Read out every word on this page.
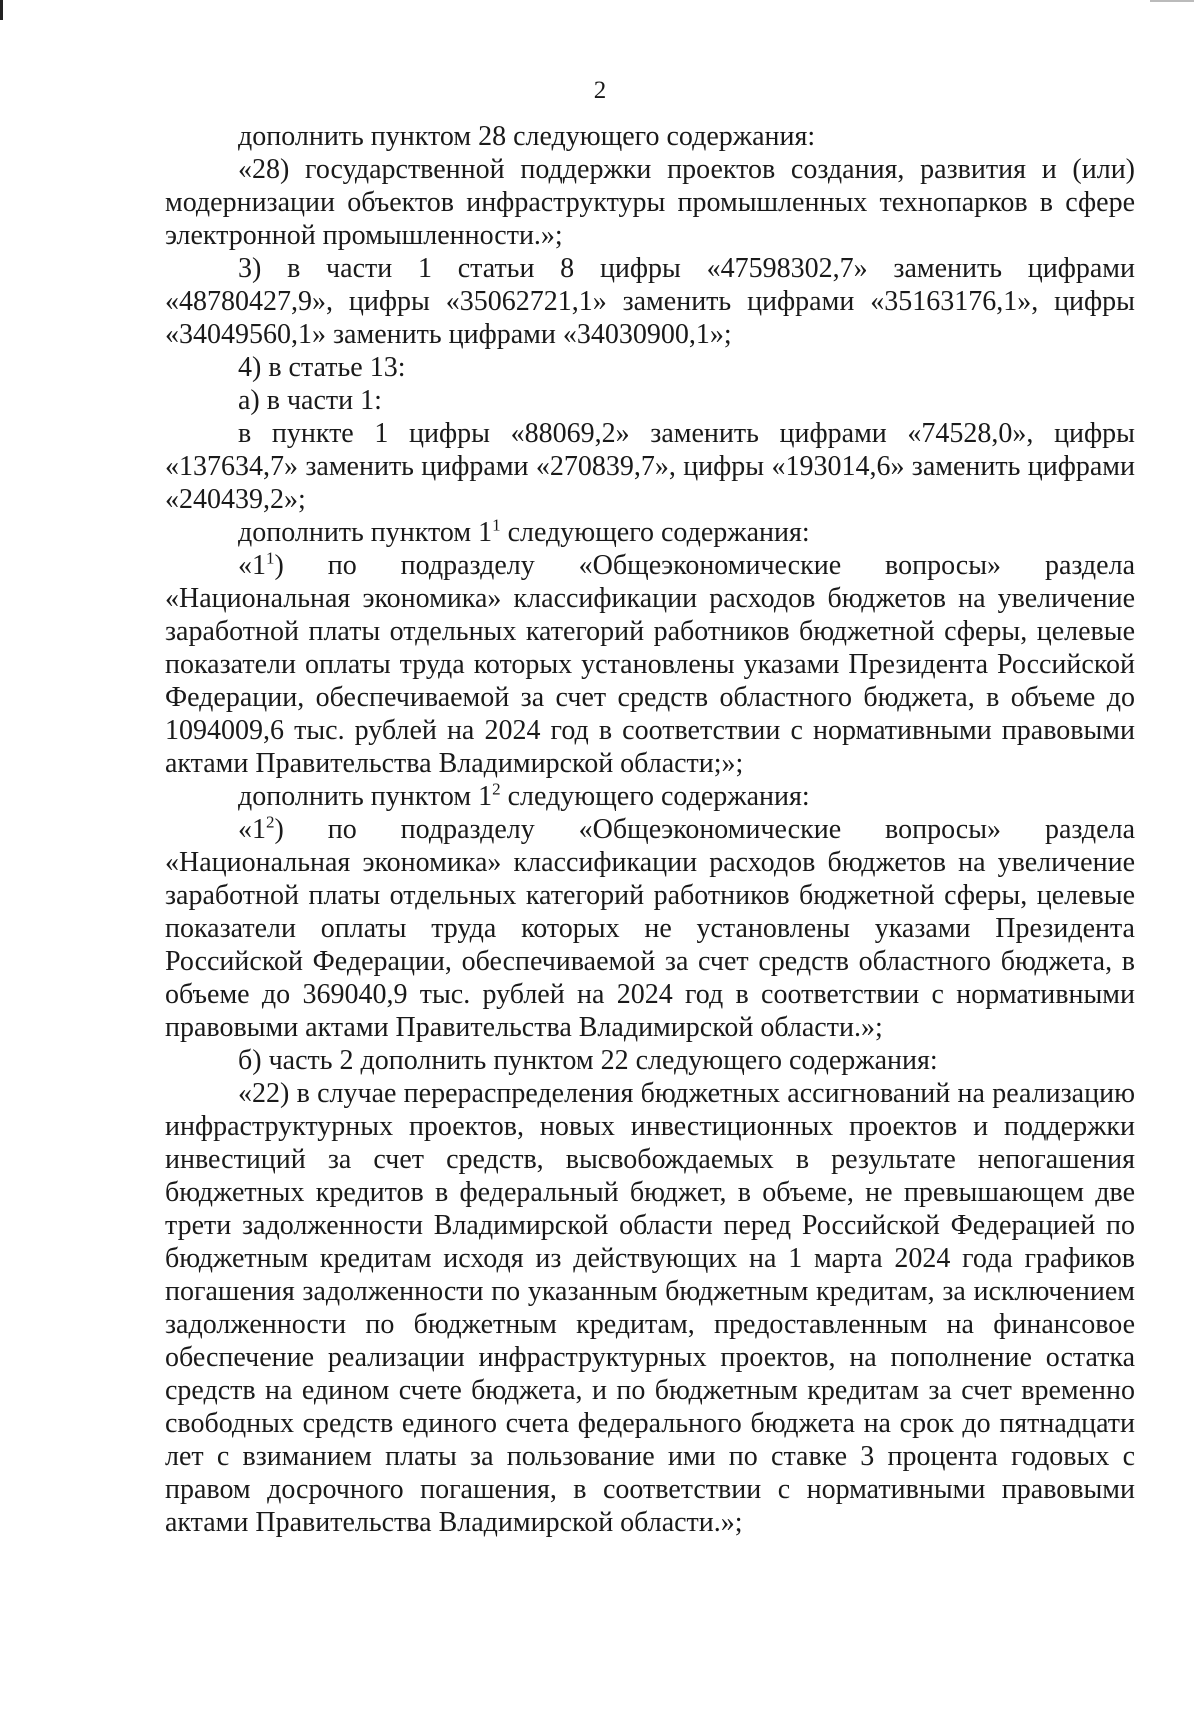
2

дополнить пунктом 28 следующего содержания:

«28) государственной поддержки проектов создания, развития и (или) модернизации объектов инфраструктуры промышленных технопарков в сфере электронной промышленности.»;

3) в части 1 статьи 8 цифры «47598302,7» заменить цифрами «48780427,9», цифры «35062721,1» заменить цифрами «35163176,1», цифры «34049560,1» заменить цифрами «34030900,1»;

4) в статье 13:

а) в части 1:

в пункте 1 цифры «88069,2» заменить цифрами «74528,0», цифры «137634,7» заменить цифрами «270839,7», цифры «193014,6» заменить цифрами «240439,2»;

дополнить пунктом $1^1$ следующего содержания:

«$1^1$) по подразделу «Общеэкономические вопросы» раздела «Национальная экономика» классификации расходов бюджетов на увеличение заработной платы отдельных категорий работников бюджетной сферы, целевые показатели оплаты труда которых установлены указами Президента Российской Федерации, обеспечиваемой за счет средств областного бюджета, в объеме до 1094009,6 тыс. рублей на 2024 год в соответствии с нормативными правовыми актами Правительства Владимирской области;»;

дополнить пунктом $1^2$ следующего содержания:

«$1^2$) по подразделу «Общеэкономические вопросы» раздела «Национальная экономика» классификации расходов бюджетов на увеличение заработной платы отдельных категорий работников бюджетной сферы, целевые показатели оплаты труда которых не установлены указами Президента Российской Федерации, обеспечиваемой за счет средств областного бюджета, в объеме до 369040,9 тыс. рублей на 2024 год в соответствии с нормативными правовыми актами Правительства Владимирской области.»;

б) часть 2 дополнить пунктом 22 следующего содержания:

«22) в случае перераспределения бюджетных ассигнований на реализацию инфраструктурных проектов, новых инвестиционных проектов и поддержки инвестиций за счет средств, высвобождаемых в результате непогашения бюджетных кредитов в федеральный бюджет, в объеме, не превышающем две трети задолженности Владимирской области перед Российской Федерацией по бюджетным кредитам исходя из действующих на 1 марта 2024 года графиков погашения задолженности по указанным бюджетным кредитам, за исключением задолженности по бюджетным кредитам, предоставленным на финансовое обеспечение реализации инфраструктурных проектов, на пополнение остатка средств на едином счете бюджета, и по бюджетным кредитам за счет временно свободных средств единого счета федерального бюджета на срок до пятнадцати лет с взиманием платы за пользование ими по ставке 3 процента годовых с правом досрочного погашения, в соответствии с нормативными правовыми актами Правительства Владимирской области.»;
